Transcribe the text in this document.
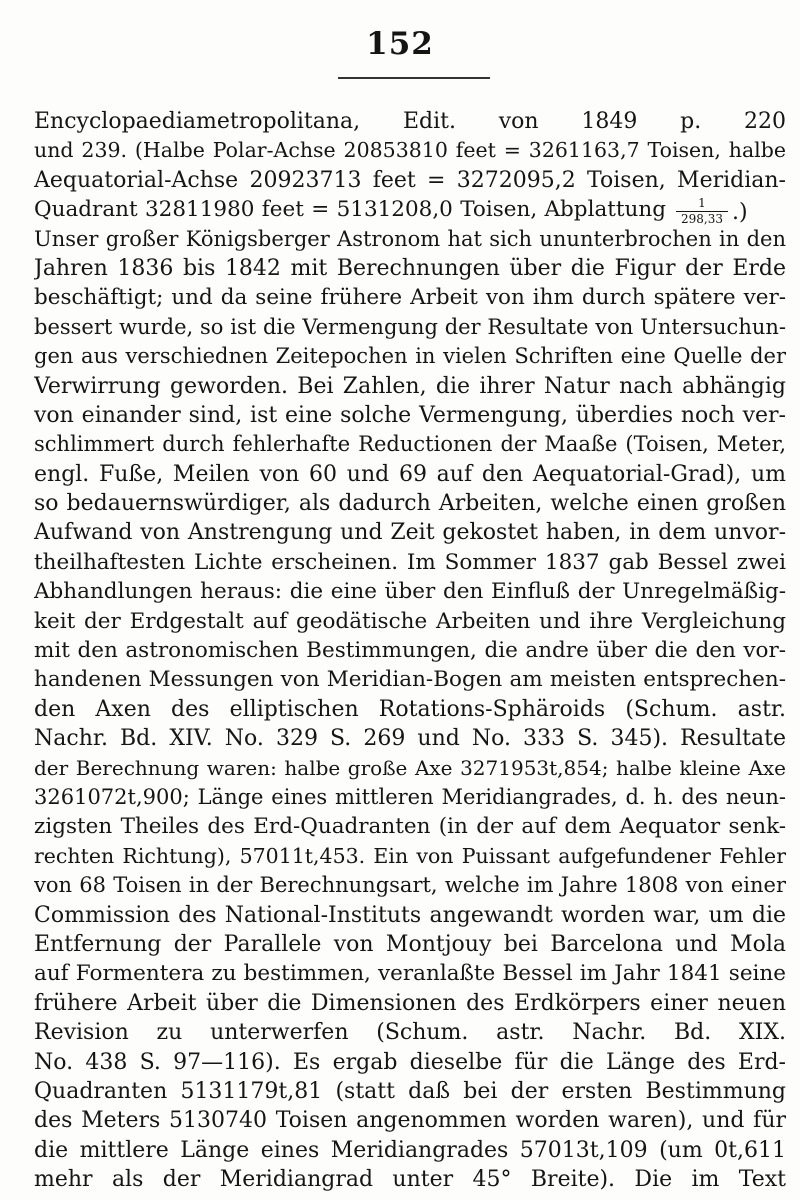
152
Encyclopaediametropolitana, Edit. von 1849 p. 220
und 239. (Halbe Polar-Achse 20853810 feet = 3261163,7 Toisen, halbe
Aequatorial-Achse 20923713 feet = 3272095,2 Toisen, Meridian-
Quadrant 32811980 feet = 5131208,0 Toisen, Abplattung
Unser großer Königsberger Astronom hat sich ununterbrochen in den
Jahren 1836 bis 1842 mit Berechnungen über die Figur der Erde
beschäftigt; und da seine frühere Arbeit von ihm durch spätere ver-
bessert wurde, so ist die Vermengung der Resultate von Untersuchun-
gen aus verschiednen Zeitepochen in vielen Schriften eine Quelle der
Verwirrung geworden. Bei Zahlen, die ihrer Natur nach abhängig
von einander sind, ist eine solche Vermengung, überdies noch ver-
schlimmert durch fehlerhafte Reductionen der Maaße (Toisen, Meter,
engl. Fuße, Meilen von 60 und 69 auf den Aequatorial-Grad), um
so bedauernswürdiger, als dadurch Arbeiten, welche einen großen
Aufwand von Anstrengung und Zeit gekostet haben, in dem unvor-
theilhaftesten Lichte erscheinen. Im Sommer 1837 gab Bessel zwei
Abhandlungen heraus: die eine über den Einfluß der Unregelmäßig-
keit der Erdgestalt auf geodätische Arbeiten und ihre Vergleichung
mit den astronomischen Bestimmungen, die andre über die den vor-
handenen Messungen von Meridian-Bogen am meisten entsprechen-
den Axen des elliptischen Rotations-Sphäroids (Schum. astr.
Nachr. Bd. XIV. No. 329 S. 269 und No. 333 S. 345). Resultate
der Berechnung waren: halbe große Axe 3271953t,854; halbe kleine Axe
3261072t,900; Länge eines mittleren Meridiangrades, d. h. des neun-
zigsten Theiles des Erd-Quadranten (in der auf dem Aequator senk-
rechten Richtung), 57011t,453. Ein von Puissant aufgefundener Fehler
von 68 Toisen in der Berechnungsart, welche im Jahre 1808 von einer
Commission des National-Instituts angewandt worden war, um die
Entfernung der Parallele von Montjouy bei Barcelona und Mola
auf Formentera zu bestimmen, veranlaßte Bessel im Jahr 1841 seine
frühere Arbeit über die Dimensionen des Erdkörpers einer neuen
Revision zu unterwerfen (Schum. astr. Nachr. Bd. XIX.
No. 438 S. 97—116). Es ergab dieselbe für die Länge des Erd-
Quadranten 5131179t,81 (statt daß bei der ersten Bestimmung
des Meters 5130740 Toisen angenommen worden waren), und für
die mittlere Länge eines Meridiangrades 57013t,109 (um 0t,611
mehr als der Meridiangrad unter 45° Breite). Die im Text
$\frac{1}{298,33}$ .)
